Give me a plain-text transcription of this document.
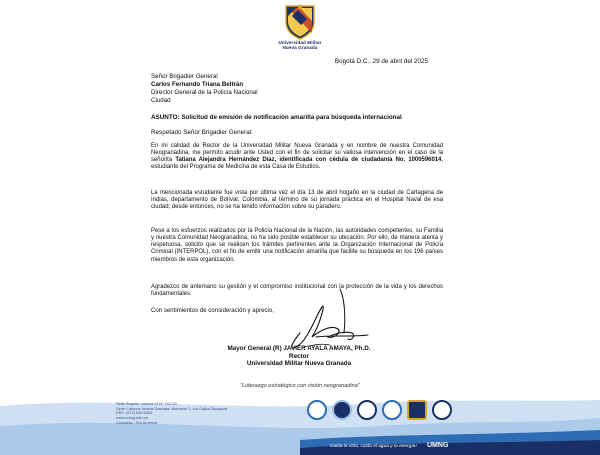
Universidad Militar
Nueva Granada
Bogotá D.C., 29 de abril del 2025
Señor Brigadier General
Carlos Fernando Triana Beltrán
Director General de la Policía Nacional
Ciudad
ASUNTO: Solicitud de emisión de notificación amarilla para búsqueda internacional
Respetado Señor Brigadier General:
En mi calidad de Rector de la Universidad Militar Nueva Granada y en nombre de nuestra Comunidad Neogranadina, me permito acudir ante Usted con el fin de solicitar su valiosa intervención en el caso de la señorita Tatiana Alejandra Hernández Díaz, identificada con cédula de ciudadanía No. 1000596014, estudiante del Programa de Medicina de esta Casa de Estudios.
La mencionada estudiante fue vista por última vez el día 13 de abril hogaño en la ciudad de Cartagena de Indias, departamento de Bolívar, Colombia, al término de su jornada práctica en el Hospital Naval de esa ciudad; desde entonces, no se ha tenido información sobre su paradero.
Pese a los esfuerzos realizados por la Policía Nacional de la Nación, las autoridades competentes, su Familia y nuestra Comunidad Neogranadina, no ha sido posible establecer su ubicación. Por ello, de manera atenta y respetuosa, solicito que se realicen los trámites pertinentes ante la Organización Internacional de Policía Criminal (INTERPOL), con el fin de emitir una notificación amarilla que facilite su búsqueda en los 196 países miembros de esta organización.
Agradezco de antemano su gestión y el compromiso institucional con la protección de la vida y los derechos fundamentales.
Con sentimientos de consideración y aprecio,
Mayor General (R) JAVIER AYALA AMAYA, Ph.D.
Rector
Universidad Militar Nueva Granada
"Liderazgo estratégico con visión neogranadina"
Sede Bogotá: carrera 11 N° 101-80
Sede Campus Nueva Granada: kilómetro 2, vía Cajicá-Zipaquirá
PBX: (571) 650 0000
www.umng.edu.co
Colombia - Sur América
Cuida la vida, cuida el agua y la energía! UMNG
